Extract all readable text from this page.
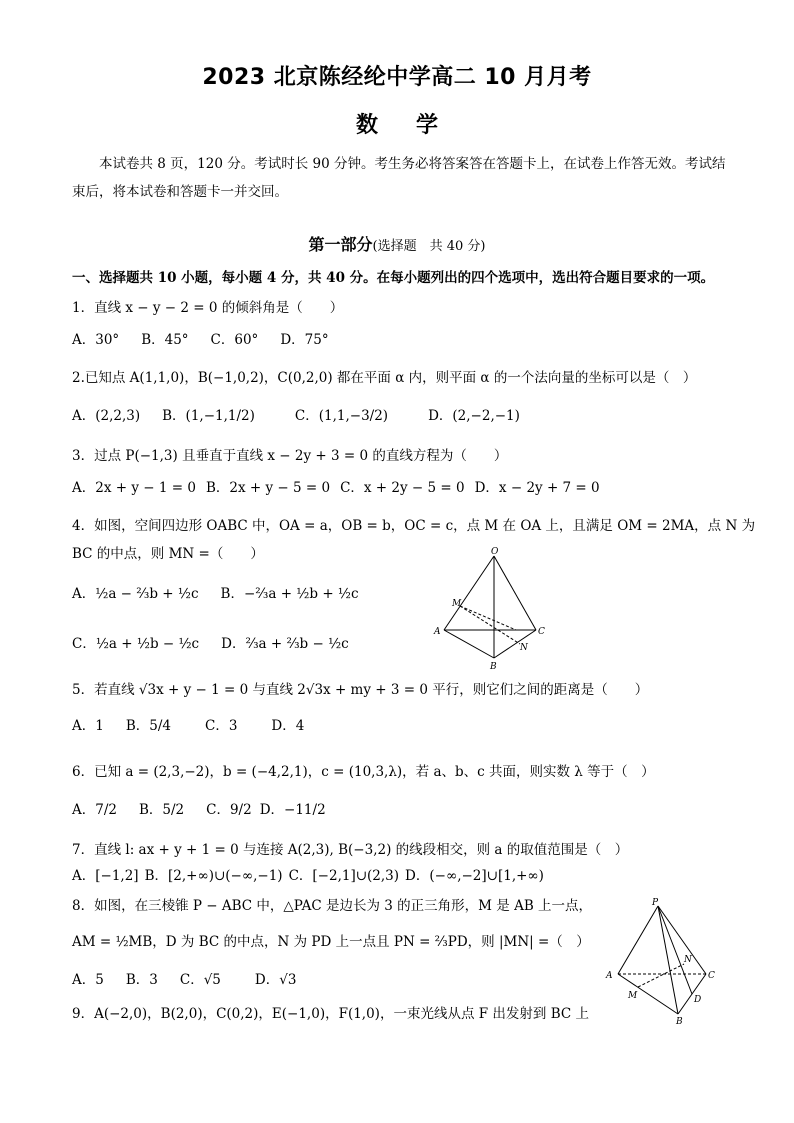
2023 北京陈经纶中学高二 10 月月考
数学
本试卷共 8 页，120 分。考试时长 90 分钟。考生务必将答案答在答题卡上，在试卷上作答无效。考试结束后，将本试卷和答题卡一并交回。
第一部分(选择题　共 40 分)
一、选择题共 10 小题，每小题 4 分，共 40 分。在每小题列出的四个选项中，选出符合题目要求的一项。
1．直线 x − y − 2 = 0 的倾斜角是（　　）
A．30° B．45° C．60° D．75°
2.已知点 A(1,1,0)，B(−1,0,2)，C(0,2,0) 都在平面 α 内，则平面 α 的一个法向量的坐标可以是（　）
A．(2,2,3) B．(1,−1,1/2)	C．(1,1,−3/2)	D．(2,−2,−1)
3．过点 P(−1,3) 且垂直于直线 x − 2y + 3 = 0 的直线方程为（　　）
A．2x + y − 1 = 0 B．2x + y − 5 = 0 C．x + 2y − 5 = 0 D．x − 2y + 7 = 0
4．如图，空间四边形 OABC 中，OA = a，OB = b，OC = c，点 M 在 OA 上，且满足 OM = 2MA，点 N 为
BC 的中点，则 MN =（　　）
A．½a − ⅔b + ½c B．−⅔a + ½b + ½c
C．½a + ½b − ½c D．⅔a + ⅔b − ½c
O
M
A	C
N
B
5．若直线 √3x + y − 1 = 0 与直线 2√3x + my + 3 = 0 平行，则它们之间的距离是（　　）
A．1 B．5/4	C．3	D．4
6．已知 a = (2,3,−2)，b = (−4,2,1)，c = (10,3,λ)，若 a、b、c 共面，则实数 λ 等于（　）
A．7/2 B．5/2 C．9/2 D．−11/2
7．直线 l: ax + y + 1 = 0 与连接 A(2,3), B(−3,2) 的线段相交，则 a 的取值范围是（　）
A．[−1,2] B．[2,+∞)∪(−∞,−1) C．[−2,1]∪(2,3) D．(−∞,−2]∪[1,+∞)
8．如图，在三棱锥 P − ABC 中，△PAC 是边长为 3 的正三角形，M 是 AB 上一点，
AM = ½MB，D 为 BC 的中点，N 为 PD 上一点且 PN = ⅔PD，则 |MN| =（　）
A．5 B．3 C．√5	D．√3
P
A
N
C
M	D
B
9．A(−2,0)，B(2,0)，C(0,2)，E(−1,0)，F(1,0)，一束光线从点 F 出发射到 BC 上
